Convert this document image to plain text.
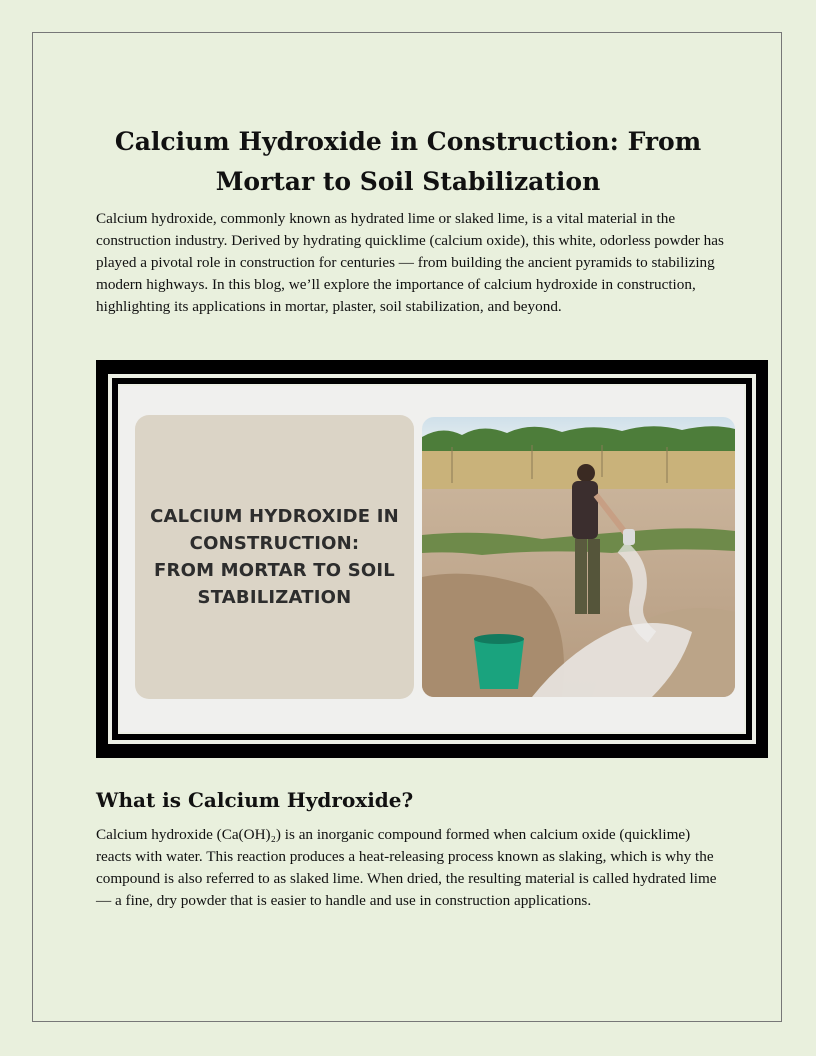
Calcium Hydroxide in Construction: From
Mortar to Soil Stabilization

Calcium hydroxide, commonly known as hydrated lime or slaked lime, is a vital material in the construction industry. Derived by hydrating quicklime (calcium oxide), this white, odorless powder has played a pivotal role in construction for centuries — from building the ancient pyramids to stabilizing modern highways. In this blog, we’ll explore the importance of calcium hydroxide in construction, highlighting its applications in mortar, plaster, soil stabilization, and beyond.

CALCIUM HYDROXIDE IN
CONSTRUCTION:
FROM MORTAR TO SOIL
STABILIZATION
What is Calcium Hydroxide?

Calcium hydroxide (Ca(OH)₂) is an inorganic compound formed when calcium oxide (quicklime) reacts with water. This reaction produces a heat-releasing process known as slaking, which is why the compound is also referred to as slaked lime. When dried, the resulting material is called hydrated lime — a fine, dry powder that is easier to handle and use in construction applications.
